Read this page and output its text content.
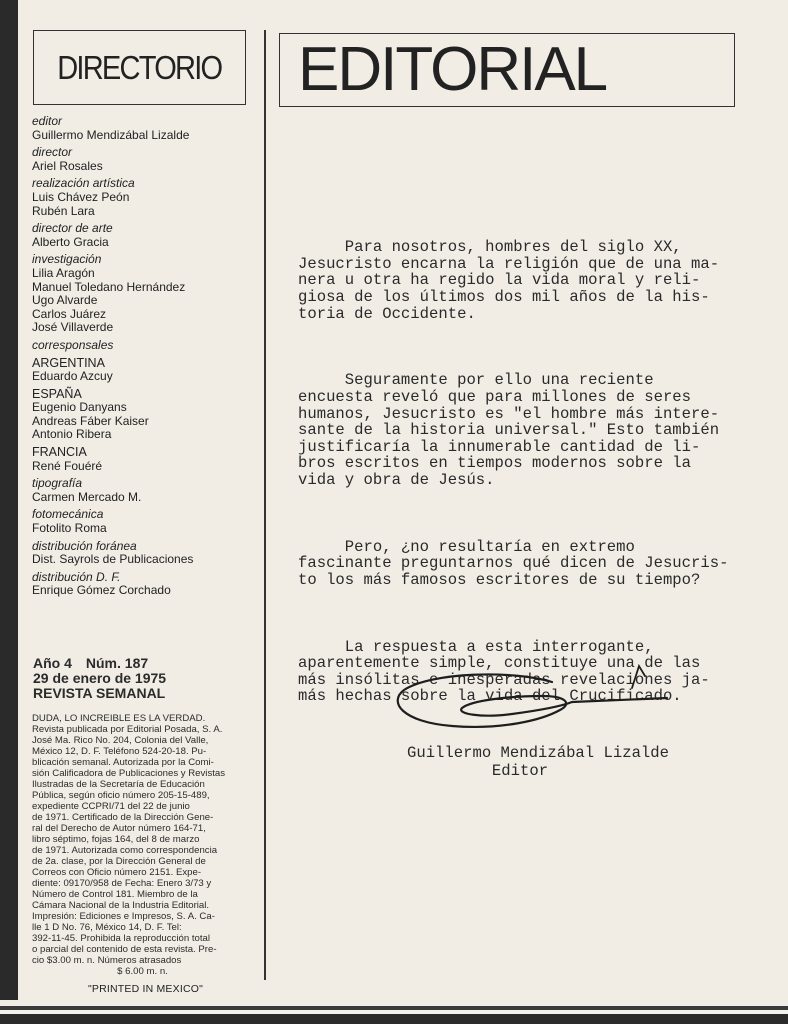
DIRECTORIO EDITORIAL
editor
Guillermo Mendizábal Lizalde
director
Ariel Rosales
realización artística
Luis Chávez Peón
Rubén Lara
director de arte
Alberto Gracia
investigación
Lilia Aragón
Manuel Toledano Hernández
Ugo Alvarde
Carlos Juárez
José Villaverde
corresponsales
ARGENTINA
Eduardo Azcuy
ESPAÑA
Eugenio Danyans
Andreas Fáber Kaiser
Antonio Ribera
FRANCIA
René Fouéré
tipografía
Carmen Mercado M.
fotomecánica
Fotolito Roma
distribución foránea
Dist. Sayrols de Publicaciones
distribución D. F.
Enrique Gómez Corchado
Año 4 Núm. 187
29 de enero de 1975
REVISTA SEMANAL
DUDA, LO INCREIBLE ES LA VERDAD.
Revista publicada por Editorial Posada, S. A.
José Ma. Rico No. 204, Colonia del Valle,
México 12, D. F. Teléfono 524-20-18. Pu-
blicación semanal. Autorizada por la Comi-
sión Calificadora de Publicaciones y Revistas
Ilustradas de la Secretaría de Educación
Pública, según oficio número 205-15-489,
expediente CCPRI/71 del 22 de junio
de 1971. Certificado de la Dirección Gene-
ral del Derecho de Autor número 164-71,
libro séptimo, fojas 164, del 8 de marzo
de 1971. Autorizada como correspondencia
de 2a. clase, por la Dirección General de
Correos con Oficio número 2151. Expe-
diente: 09170/958 de Fecha: Enero 3/73 y
Número de Control 181. Miembro de la
Cámara Nacional de la Industria Editorial.
Impresión: Ediciones e Impresos, S. A. Ca-
lle 1 D No. 76, México 14, D. F. Tel:
392-11-45. Prohibida la reproducción total
o parcial del contenido de esta revista. Pre-
cio $3.00 m. n. Números atrasados
$ 6.00 m. n.
"PRINTED IN MEXICO"

Para nosotros, hombres del siglo XX,
Jesucristo encarna la religión que de una ma-
nera u otra ha regido la vida moral y reli-
giosa de los últimos dos mil años de la his-
toria de Occidente.

Seguramente por ello una reciente
encuesta reveló que para millones de seres
humanos, Jesucristo es "el hombre más intere-
sante de la historia universal." Esto también
justificaría la innumerable cantidad de li-
bros escritos en tiempos modernos sobre la
vida y obra de Jesús.

Pero, ¿no resultaría en extremo
fascinante preguntarnos qué dicen de Jesucris-
to los más famosos escritores de su tiempo?

La respuesta a esta interrogante,
aparentemente simple, constituye una de las
más insólitas e inesperadas revelaciones ja-
más hechas sobre la vida del Crucificado.

Guillermo Mendizábal Lizalde
Editor
